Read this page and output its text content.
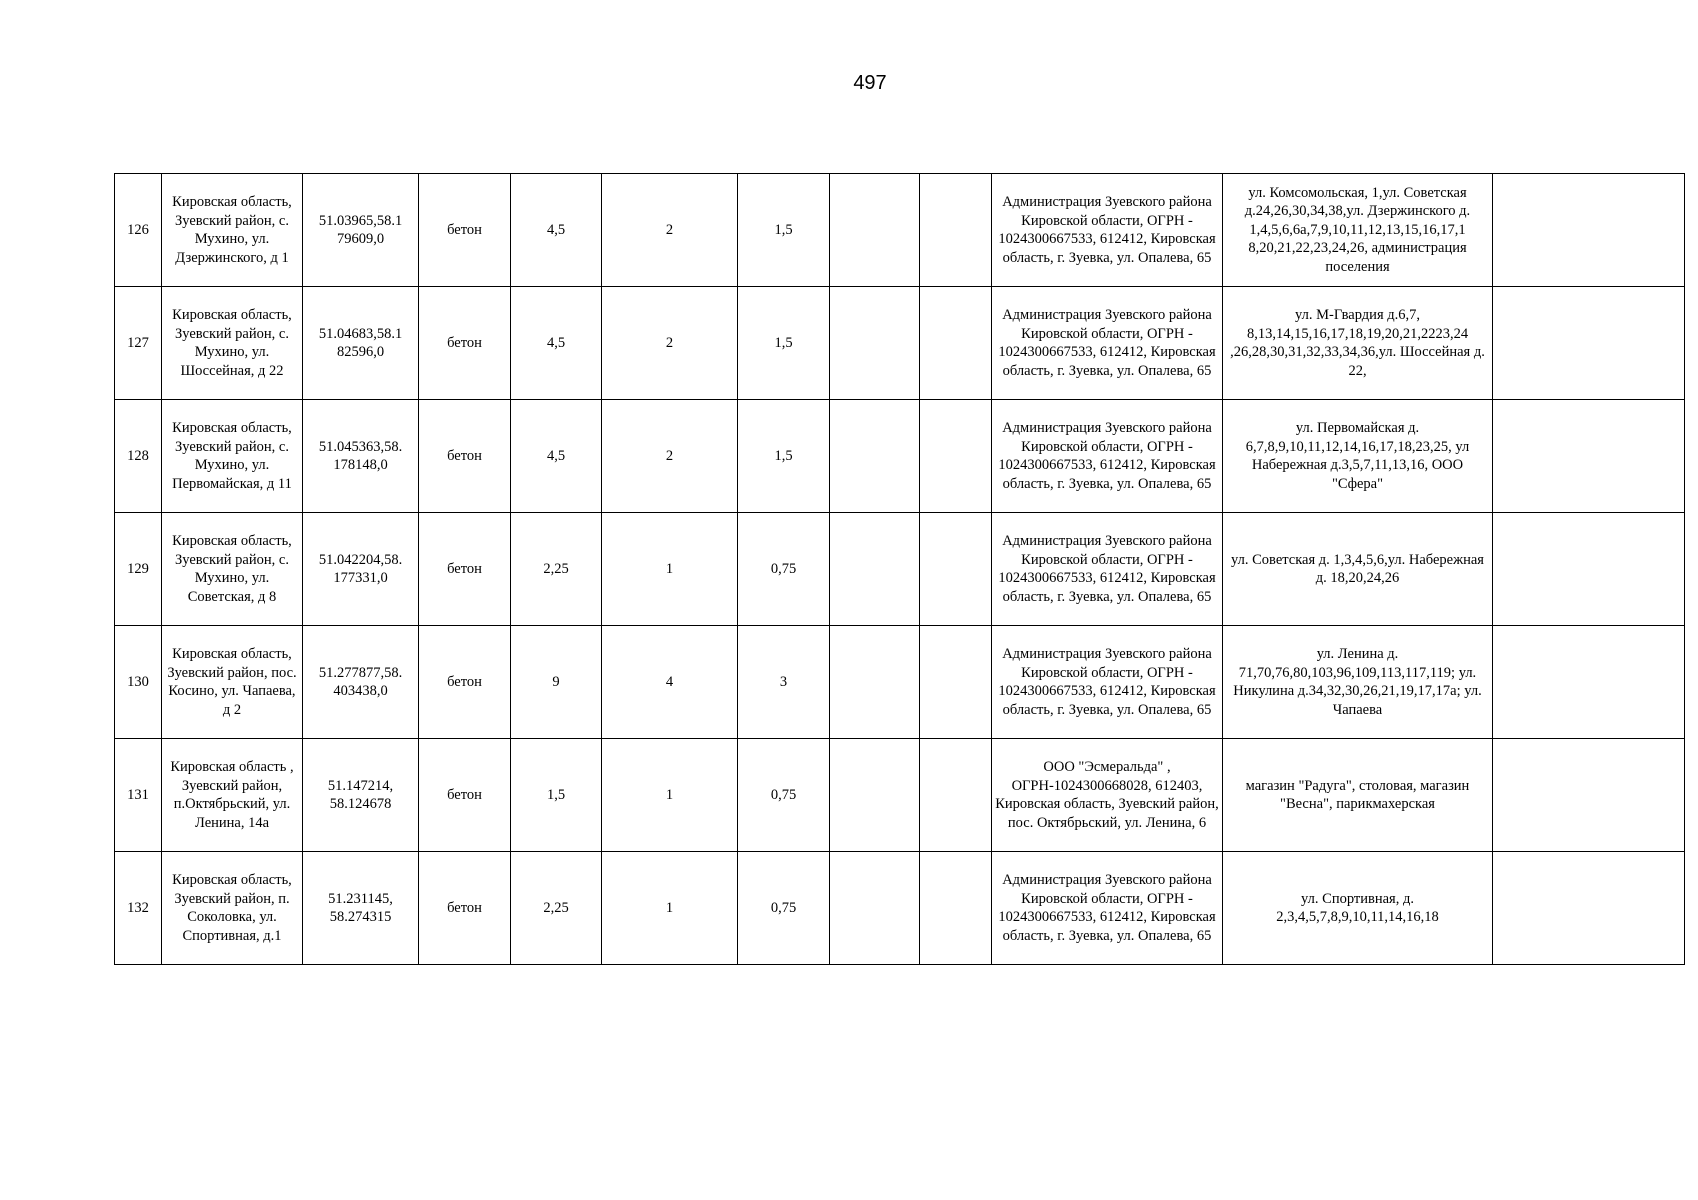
497
126	Кировская область, Зуевский район, с. Мухино, ул. Дзержинского, д 1	51.03965,58.1 79609,0	бетон	4,5	2	1,5			Администрация Зуевского района Кировской области, ОГРН - 1024300667533, 612412, Кировская область, г. Зуевка, ул. Опалева, 65	ул. Комсомольская, 1,ул. Советская д.24,26,30,34,38,ул. Дзержинского д. 1,4,5,6,6а,7,9,10,11,12,13,15,16,17,1 8,20,21,22,23,24,26, администрация поселения	
127	Кировская область, Зуевский район, с. Мухино, ул. Шоссейная, д 22	51.04683,58.1 82596,0	бетон	4,5	2	1,5			Администрация Зуевского района Кировской области, ОГРН - 1024300667533, 612412, Кировская область, г. Зуевка, ул. Опалева, 65	ул. М-Гвардия д.6,7, 8,13,14,15,16,17,18,19,20,21,2223,24 ,26,28,30,31,32,33,34,36,ул. Шоссейная д. 22,	
128	Кировская область, Зуевский район, с. Мухино, ул. Первомайская, д 11	51.045363,58. 178148,0	бетон	4,5	2	1,5			Администрация Зуевского района Кировской области, ОГРН - 1024300667533, 612412, Кировская область, г. Зуевка, ул. Опалева, 65	ул. Первомайская д. 6,7,8,9,10,11,12,14,16,17,18,23,25, ул Набережная д.3,5,7,11,13,16, ООО "Сфера"	
129	Кировская область, Зуевский район, с. Мухино, ул. Советская, д 8	51.042204,58. 177331,0	бетон	2,25	1	0,75			Администрация Зуевского района Кировской области, ОГРН - 1024300667533, 612412, Кировская область, г. Зуевка, ул. Опалева, 65	ул. Советская д. 1,3,4,5,6,ул. Набережная д. 18,20,24,26	
130	Кировская область, Зуевский район, пос. Косино, ул. Чапаева, д 2	51.277877,58. 403438,0	бетон	9	4	3			Администрация Зуевского района Кировской области, ОГРН - 1024300667533, 612412, Кировская область, г. Зуевка, ул. Опалева, 65	ул. Ленина д. 71,70,76,80,103,96,109,113,117,119; ул. Никулина д.34,32,30,26,21,19,17,17а; ул. Чапаева	
131	Кировская область , Зуевский район, п.Октябрьский, ул. Ленина, 14а	51.147214, 58.124678	бетон	1,5	1	0,75			ООО "Эсмеральда" , ОГРН-1024300668028, 612403, Кировская область, Зуевский район, пос. Октябрьский, ул. Ленина, 6	магазин "Радуга", столовая, магазин "Весна", парикмахерская	
132	Кировская область, Зуевский район, п. Соколовка, ул. Спортивная, д.1	51.231145, 58.274315	бетон	2,25	1	0,75			Администрация Зуевского района Кировской области, ОГРН - 1024300667533, 612412, Кировская область, г. Зуевка, ул. Опалева, 65	ул. Спортивная, д. 2,3,4,5,7,8,9,10,11,14,16,18	
